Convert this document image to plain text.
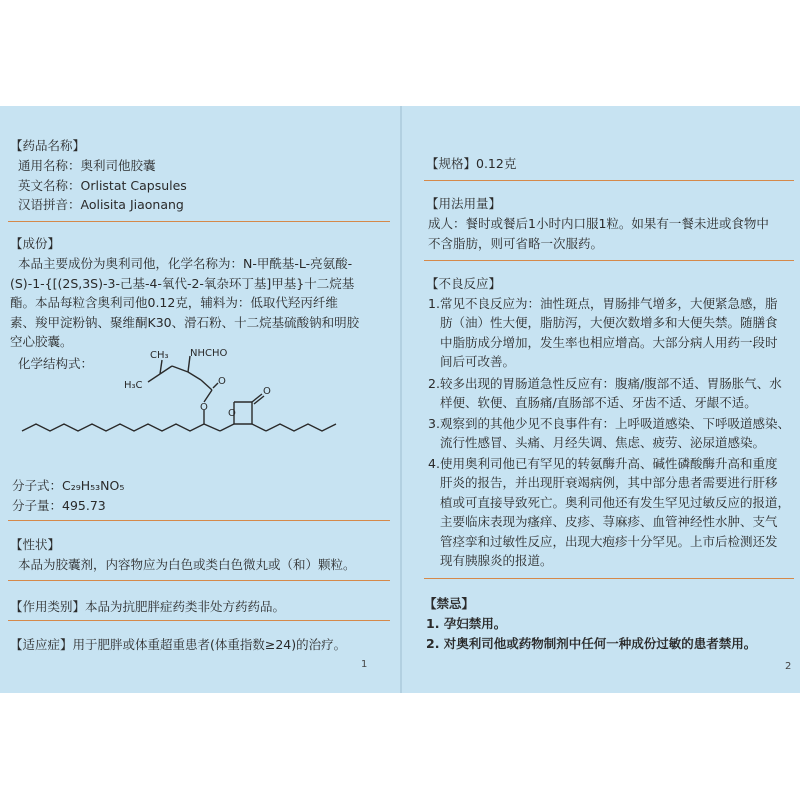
【药品名称】
通用名称：奥利司他胶囊
英文名称：Orlistat Capsules
汉语拼音：Aolisita Jiaonang
【成份】
本品主要成份为奥利司他，化学名称为：N-甲酰基-L-亮氨酸-
(S)-1-{[(2S,3S)-3-己基-4-氧代-2-氧杂环丁基]甲基}十二烷基
酯。本品每粒含奥利司他0.12克，辅料为：低取代羟丙纤维
素、羧甲淀粉钠、聚维酮K30、滑石粉、十二烷基硫酸钠和明胶
空心胶囊。
化学结构式：
NHCHO
CH₃
H₃C	O
O
O
O
分子式：C₂₉H₅₃NO₅
分子量：495.73
【性状】
本品为胶囊剂，内容物应为白色或类白色微丸或（和）颗粒。
【作用类别】本品为抗肥胖症药类非处方药药品。
【适应症】用于肥胖或体重超重患者(体重指数≥24)的治疗。
1
【规格】0.12克
【用法用量】
成人：餐时或餐后1小时内口服1粒。如果有一餐未进或食物中
不含脂肪，则可省略一次服药。
【不良反应】
1. 常见不良反应为：油性斑点，胃肠排气增多，大便紧急感，脂
肪（油）性大便，脂肪泻，大便次数增多和大便失禁。随膳食
中脂肪成分增加，发生率也相应增高。大部分病人用药一段时
间后可改善。
2. 较多出现的胃肠道急性反应有：腹痛/腹部不适、胃肠胀气、水
样便、软便、直肠痛/直肠部不适、牙齿不适、牙龈不适。
3. 观察到的其他少见不良事件有：上呼吸道感染、下呼吸道感染、
流行性感冒、头痛、月经失调、焦虑、疲劳、泌尿道感染。
4. 使用奥利司他已有罕见的转氨酶升高、碱性磷酸酶升高和重度
肝炎的报告，并出现肝衰竭病例，其中部分患者需要进行肝移
植或可直接导致死亡。奥利司他还有发生罕见过敏反应的报道，
主要临床表现为瘙痒、皮疹、荨麻疹、血管神经性水肿、支气
管痉挛和过敏性反应，出现大疱疹十分罕见。上市后检测还发
现有胰腺炎的报道。
【禁忌】
1. 孕妇禁用。
2. 对奥利司他或药物制剂中任何一种成份过敏的患者禁用。
2
